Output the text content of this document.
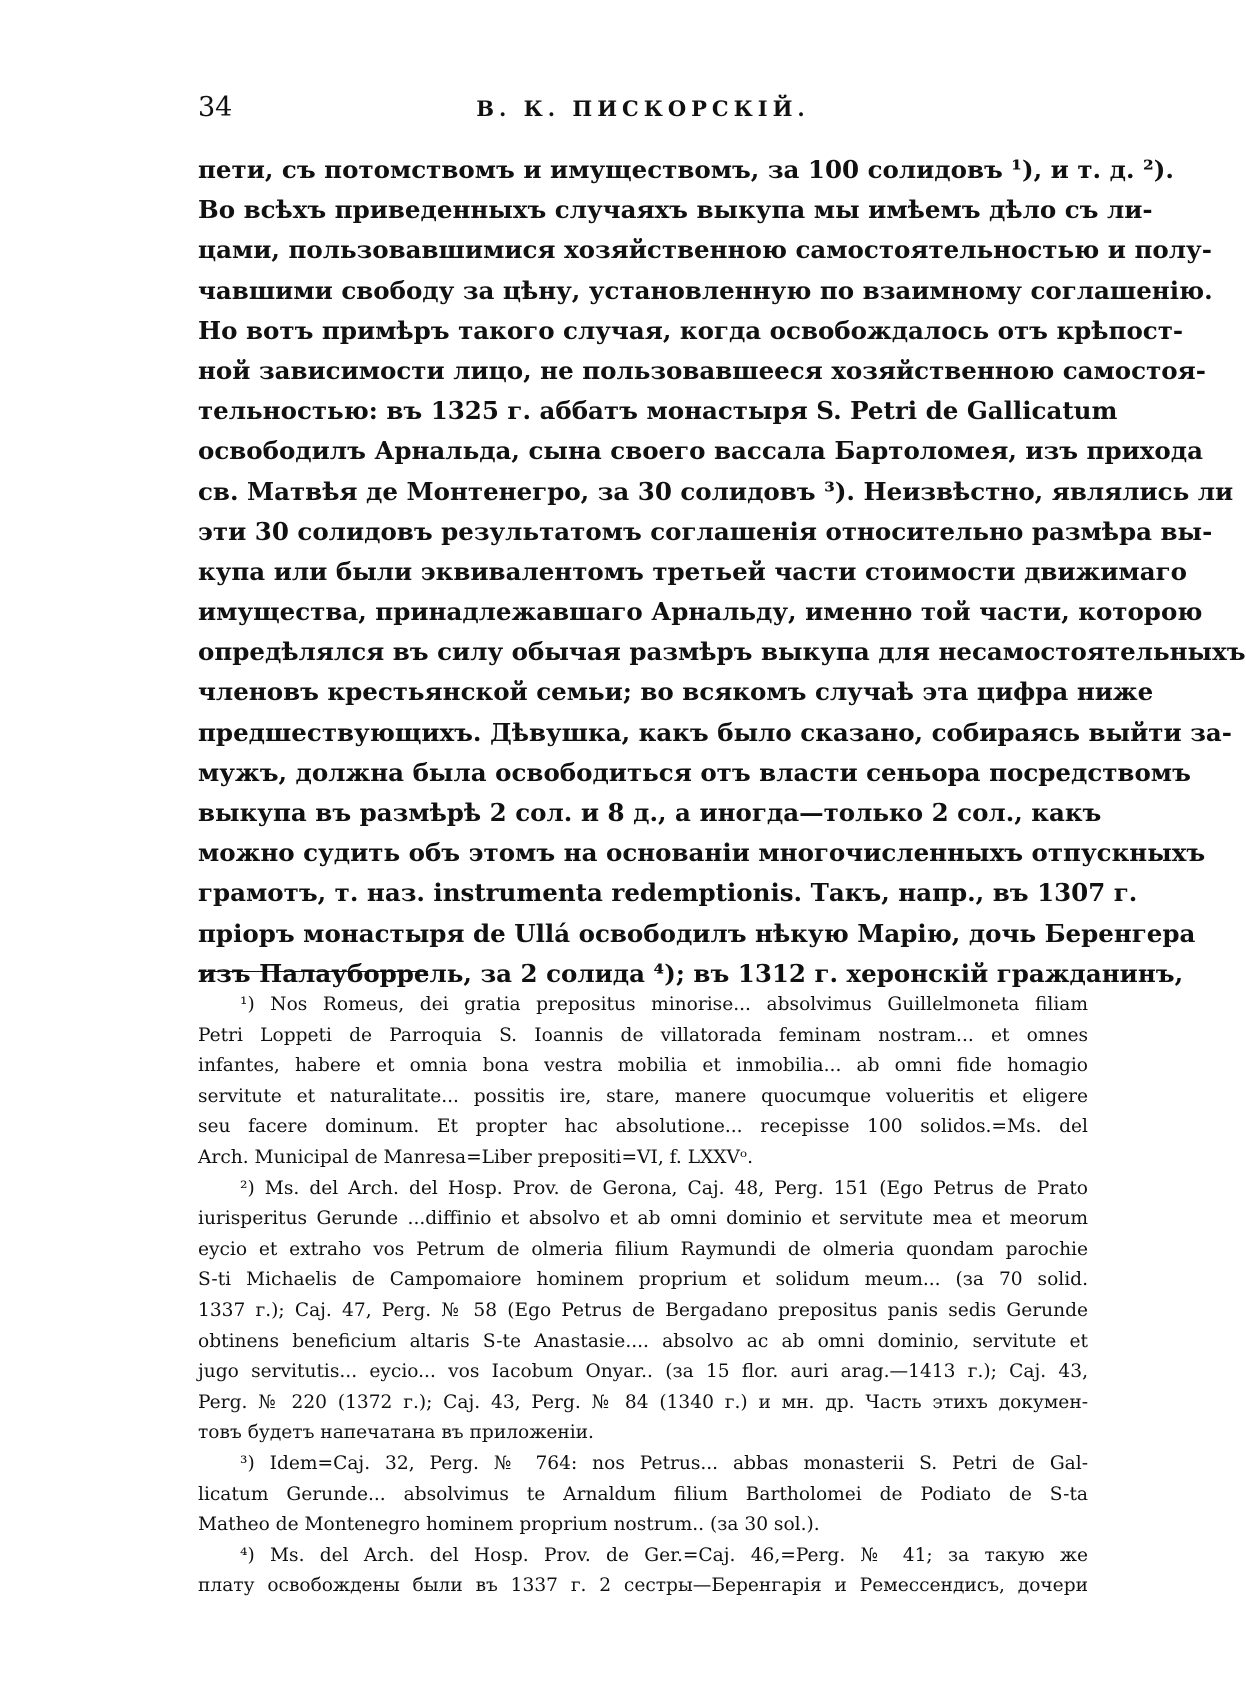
34	В. К. ПИСКОРСКІЙ.
пети, съ потомствомъ и имуществомъ, за 100 солидовъ ¹), и т. д. ²).
Во всѣхъ приведенныхъ случаяхъ выкупа мы имѣемъ дѣло съ ли-
цами, пользовавшимися хозяйственною самостоятельностью и полу-
чавшими свободу за цѣну, установленную по взаимному соглашенію.
Но вотъ примѣръ такого случая, когда освобождалось отъ крѣпост-
ной зависимости лицо, не пользовавшееся хозяйственною самостоя-
тельностью: въ 1325 г. аббатъ монастыря S. Petri de Gallicatum
освободилъ Арнальда, сына своего вассала Бартоломея, изъ прихода
св. Матвѣя де Монтенегро, за 30 солидовъ ³). Неизвѣстно, являлись ли
эти 30 солидовъ результатомъ соглашенія относительно размѣра вы-
купа или были эквивалентомъ третьей части стоимости движимаго
имущества, принадлежавшаго Арнальду, именно той части, которою
опредѣлялся въ силу обычая размѣръ выкупа для несамостоятельныхъ
членовъ крестьянской семьи; во всякомъ случаѣ эта цифра ниже
предшествующихъ. Дѣвушка, какъ было сказано, собираясь выйти за-
мужъ, должна была освободиться отъ власти сеньора посредствомъ
выкупа въ размѣрѣ 2 сол. и 8 д., а иногда—только 2 сол., какъ
можно судить объ этомъ на основаніи многочисленныхъ отпускныхъ
грамотъ, т. наз. instrumenta redemptionis. Такъ, напр., въ 1307 г.
пріоръ монастыря de Ullá освободилъ нѣкую Марію, дочь Беренгера
изъ Палауборрель, за 2 солида ⁴); въ 1312 г. херонскій гражданинъ,
¹) Nos Romeus, dei gratia prepositus minorise... absolvimus Guillelmoneta filiam
Petri Loppeti de Parroquia S. Ioannis de villatorada feminam nostram... et omnes
infantes, habere et omnia bona vestra mobilia et inmobilia... ab omni fide homagio
servitute et naturalitate... possitis ire, stare, manere quocumque volueritis et eligere
seu facere dominum. Et propter hac absolutione... recepisse 100 solidos.=Ms. del
Arch. Municipal de Manresa=Liber prepositi=VI, f. LXXVᵒ.
²) Ms. del Arch. del Hosp. Prov. de Gerona, Caj. 48, Perg. 151 (Ego Petrus de Prato
iurisperitus Gerunde ...diffinio et absolvo et ab omni dominio et servitute mea et meorum
eycio et extraho vos Petrum de olmeria filium Raymundi de olmeria quondam parochie
S-ti Michaelis de Campomaiore hominem proprium et solidum meum... (за 70 solid.
1337 г.); Caj. 47, Perg. № 58 (Ego Petrus de Bergadano prepositus panis sedis Gerunde
obtinens beneficium altaris S-te Anastasie.... absolvo ac ab omni dominio, servitute et
jugo servitutis... eycio... vos Iacobum Onyar.. (за 15 flor. auri arag.—1413 г.); Caj. 43,
Perg. № 220 (1372 г.); Caj. 43, Perg. № 84 (1340 г.) и мн. др. Часть этихъ докумен-
товъ будетъ напечатана въ приложеніи.
³) Idem=Caj. 32, Perg. № 764: nos Petrus... abbas monasterii S. Petri de Gal-
licatum Gerunde... absolvimus te Arnaldum filium Bartholomei de Podiato de S-ta
Matheo de Montenegro hominem proprium nostrum.. (за 30 sol.).
⁴) Ms. del Arch. del Hosp. Prov. de Ger.=Caj. 46,=Perg. № 41; за такую же
плату освобождены были въ 1337 г. 2 сестры—Беренгарія и Ремессендисъ, дочери
